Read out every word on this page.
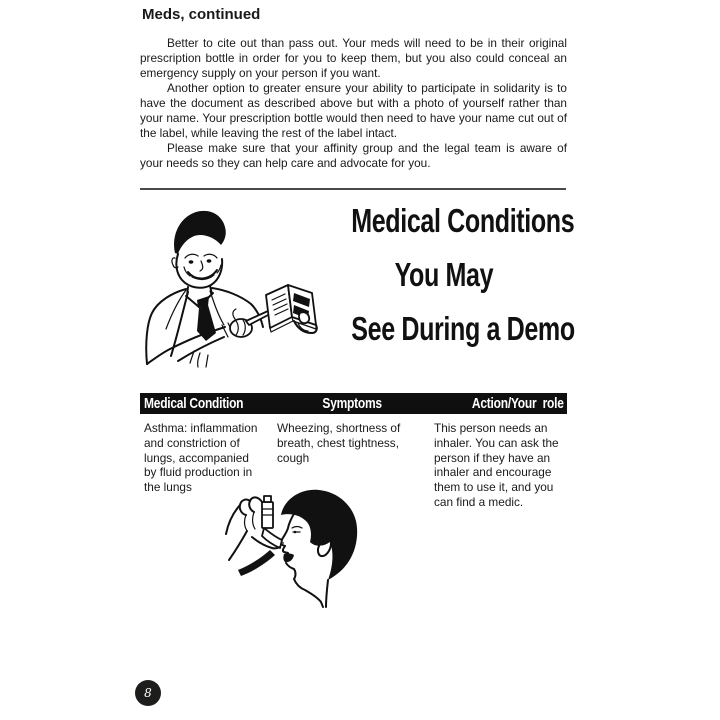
Meds, continued

Better to cite out than pass out. Your meds will need to be in their original prescription bottle in order for you to keep them, but you also could conceal an emergency supply on your person if you want.

Another option to greater ensure your ability to participate in solidarity is to have the document as described above but with a photo of yourself rather than your name. Your prescription bottle would then need to have your name cut out of the label, while leaving the rest of the label intact.

Please make sure that your affinity group and the legal team is aware of your needs so they can help care and advocate for you.

Medical Conditions
You May
See During a Demo
Medical Condition	Symptoms	Action/Your  role
Asthma: inflammation and constriction of lungs, accompanied by fluid production in the lungs
Wheezing, shortness of breath, chest tightness, cough
This person needs an inhaler. You can ask the person if they have an inhaler and encourage them to use it, and you can find a medic.
8
